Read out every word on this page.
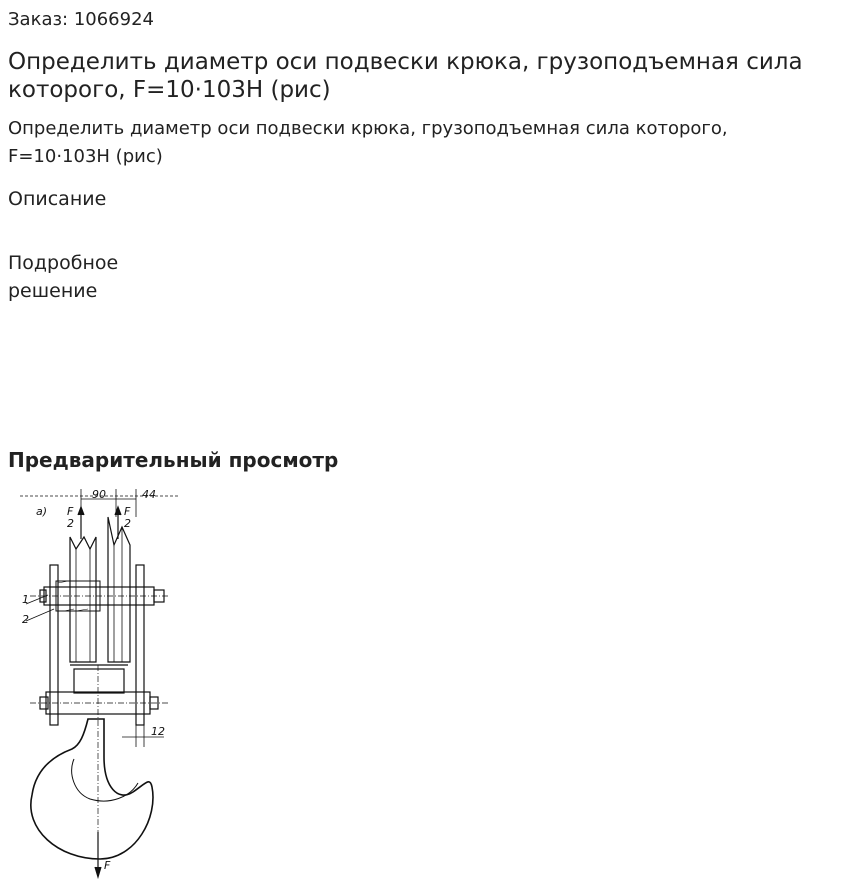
Заказ: 1066924
Определить диаметр оси подвески крюка, грузоподъемная сила которого, F=10·103H (рис)
Определить диаметр оси подвески крюка, грузоподъемная сила которого, F=10·103H (рис)
Описание
Подробное решение
Предварительный просмотр
a)
90	44
F
2
F
2
1
2
12
F
